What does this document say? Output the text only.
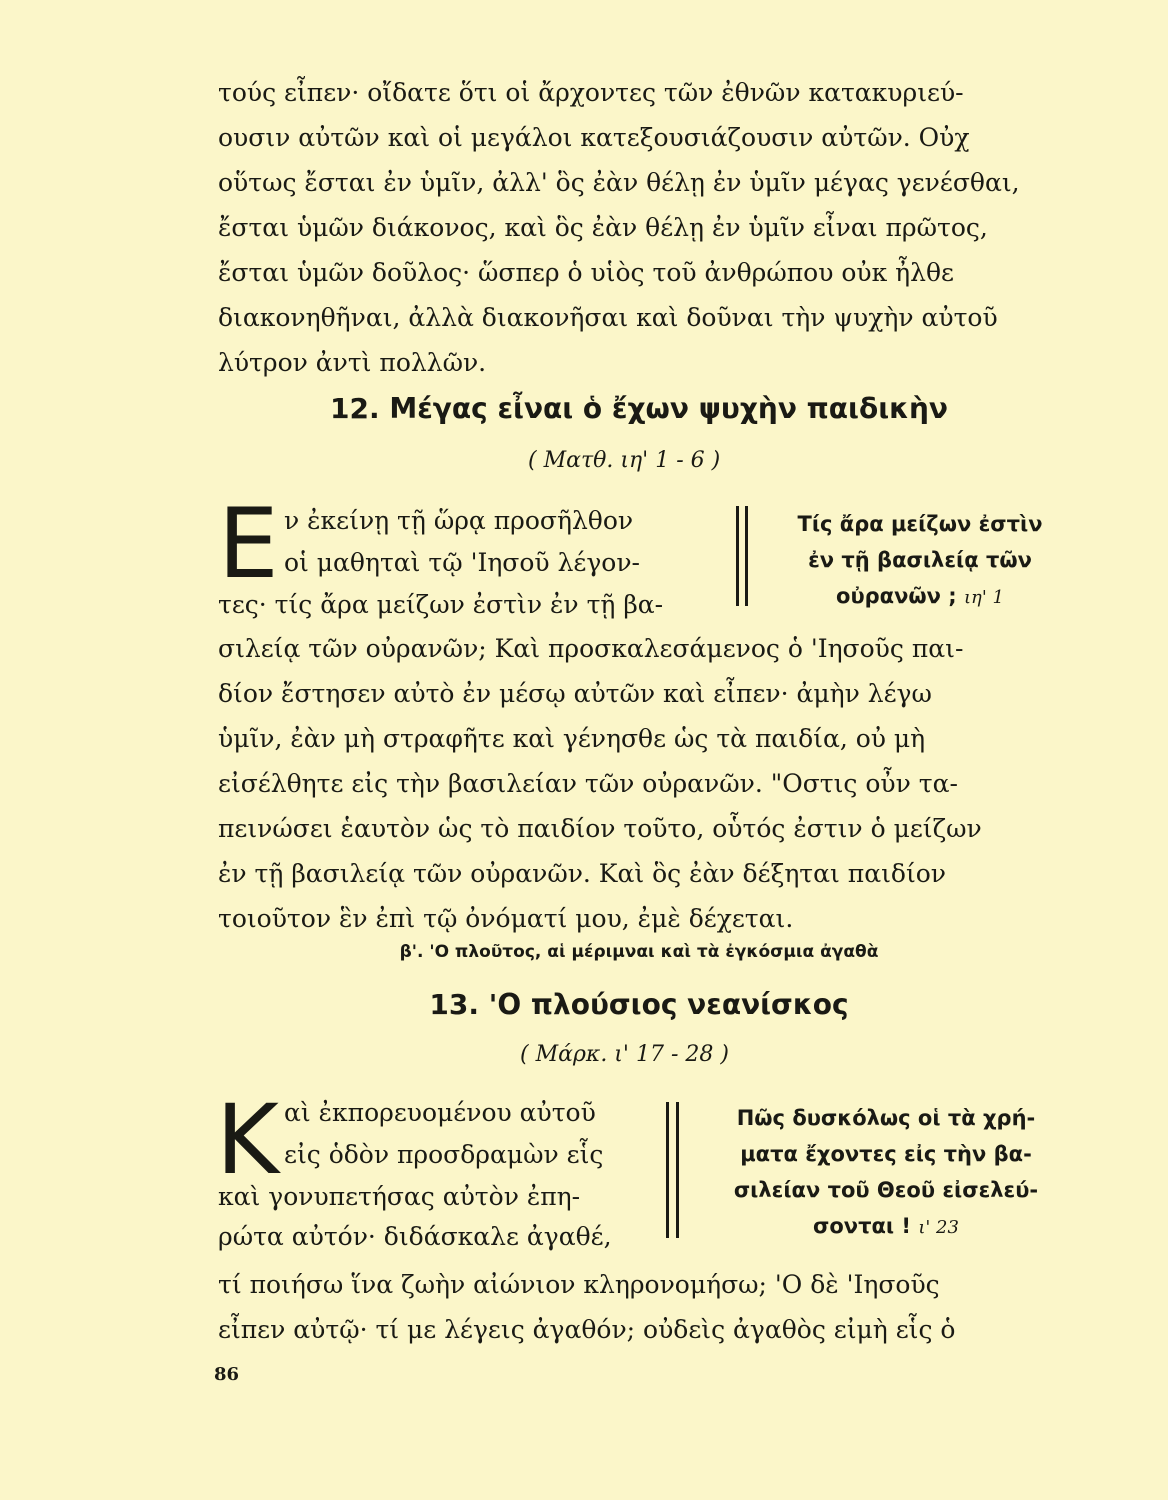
τούς εἶπεν· οἴδατε ὅτι οἱ ἄρχοντες τῶν ἐθνῶν κατακυριεύ-
ουσιν αὐτῶν καὶ οἱ μεγάλοι κατεξουσιάζουσιν αὐτῶν. Οὐχ
οὕτως ἔσται ἐν ὑμῖν, ἀλλ' ὃς ἐὰν θέλῃ ἐν ὑμῖν μέγας γενέσθαι,
ἔσται ὑμῶν διάκονος, καὶ ὃς ἐὰν θέλῃ ἐν ὑμῖν εἶναι πρῶτος,
ἔσται ὑμῶν δοῦλος· ὥσπερ ὁ υἱὸς τοῦ ἀνθρώπου οὐκ ἦλθε
διακονηθῆναι, ἀλλὰ διακονῆσαι καὶ δοῦναι τὴν ψυχὴν αὐτοῦ
λύτρον ἀντὶ πολλῶν.
12. Μέγας εἶναι ὁ ἔχων ψυχὴν παιδικὴν
( Ματθ. ιη' 1 - 6 )
Ε ν ἐκείνῃ τῇ ὥρᾳ προσῆλθον
οἱ μαθηταὶ τῷ 'Ιησοῦ λέγον-
τες· τίς ἄρα μείζων ἐστὶν ἐν τῇ βα-
Τίς ἄρα μείζων ἐστὶν
ἐν τῇ βασιλείᾳ τῶν
οὐρανῶν ; ιη' 1
σιλείᾳ τῶν οὐρανῶν; Καὶ προσκαλεσάμενος ὁ 'Ιησοῦς παι-
δίον ἔστησεν αὐτὸ ἐν μέσῳ αὐτῶν καὶ εἶπεν· ἀμὴν λέγω
ὑμῖν, ἐὰν μὴ στραφῆτε καὶ γένησθε ὡς τὰ παιδία, οὐ μὴ
εἰσέλθητε εἰς τὴν βασιλείαν τῶν οὐρανῶν. "Οστις οὖν τα-
πεινώσει ἑαυτὸν ὡς τὸ παιδίον τοῦτο, οὗτός ἐστιν ὁ μείζων
ἐν τῇ βασιλείᾳ τῶν οὐρανῶν. Καὶ ὃς ἐὰν δέξηται παιδίον
τοιοῦτον ἓν ἐπὶ τῷ ὀνόματί μου, ἐμὲ δέχεται.
β'. 'Ο πλοῦτος, αἱ μέριμναι καὶ τὰ ἐγκόσμια ἀγαθὰ
13. 'Ο πλούσιος νεανίσκος
( Μάρκ. ι' 17 - 28 )
Κ αὶ ἐκπορευομένου αὐτοῦ
εἰς ὁδὸν προσδραμὼν εἷς
καὶ γονυπετήσας αὐτὸν ἐπη-
ρώτα αὐτόν· διδάσκαλε ἀγαθέ,
Πῶς δυσκόλως οἱ τὰ χρή-
ματα ἔχοντες εἰς τὴν βα-
σιλείαν τοῦ Θεοῦ εἰσελεύ-
σονται ! ι' 23
τί ποιήσω ἵνα ζωὴν αἰώνιον κληρονομήσω; 'Ο δὲ 'Ιησοῦς
εἶπεν αὐτῷ· τί με λέγεις ἀγαθόν; οὐδεὶς ἀγαθὸς εἰμὴ εἷς ὁ
86
